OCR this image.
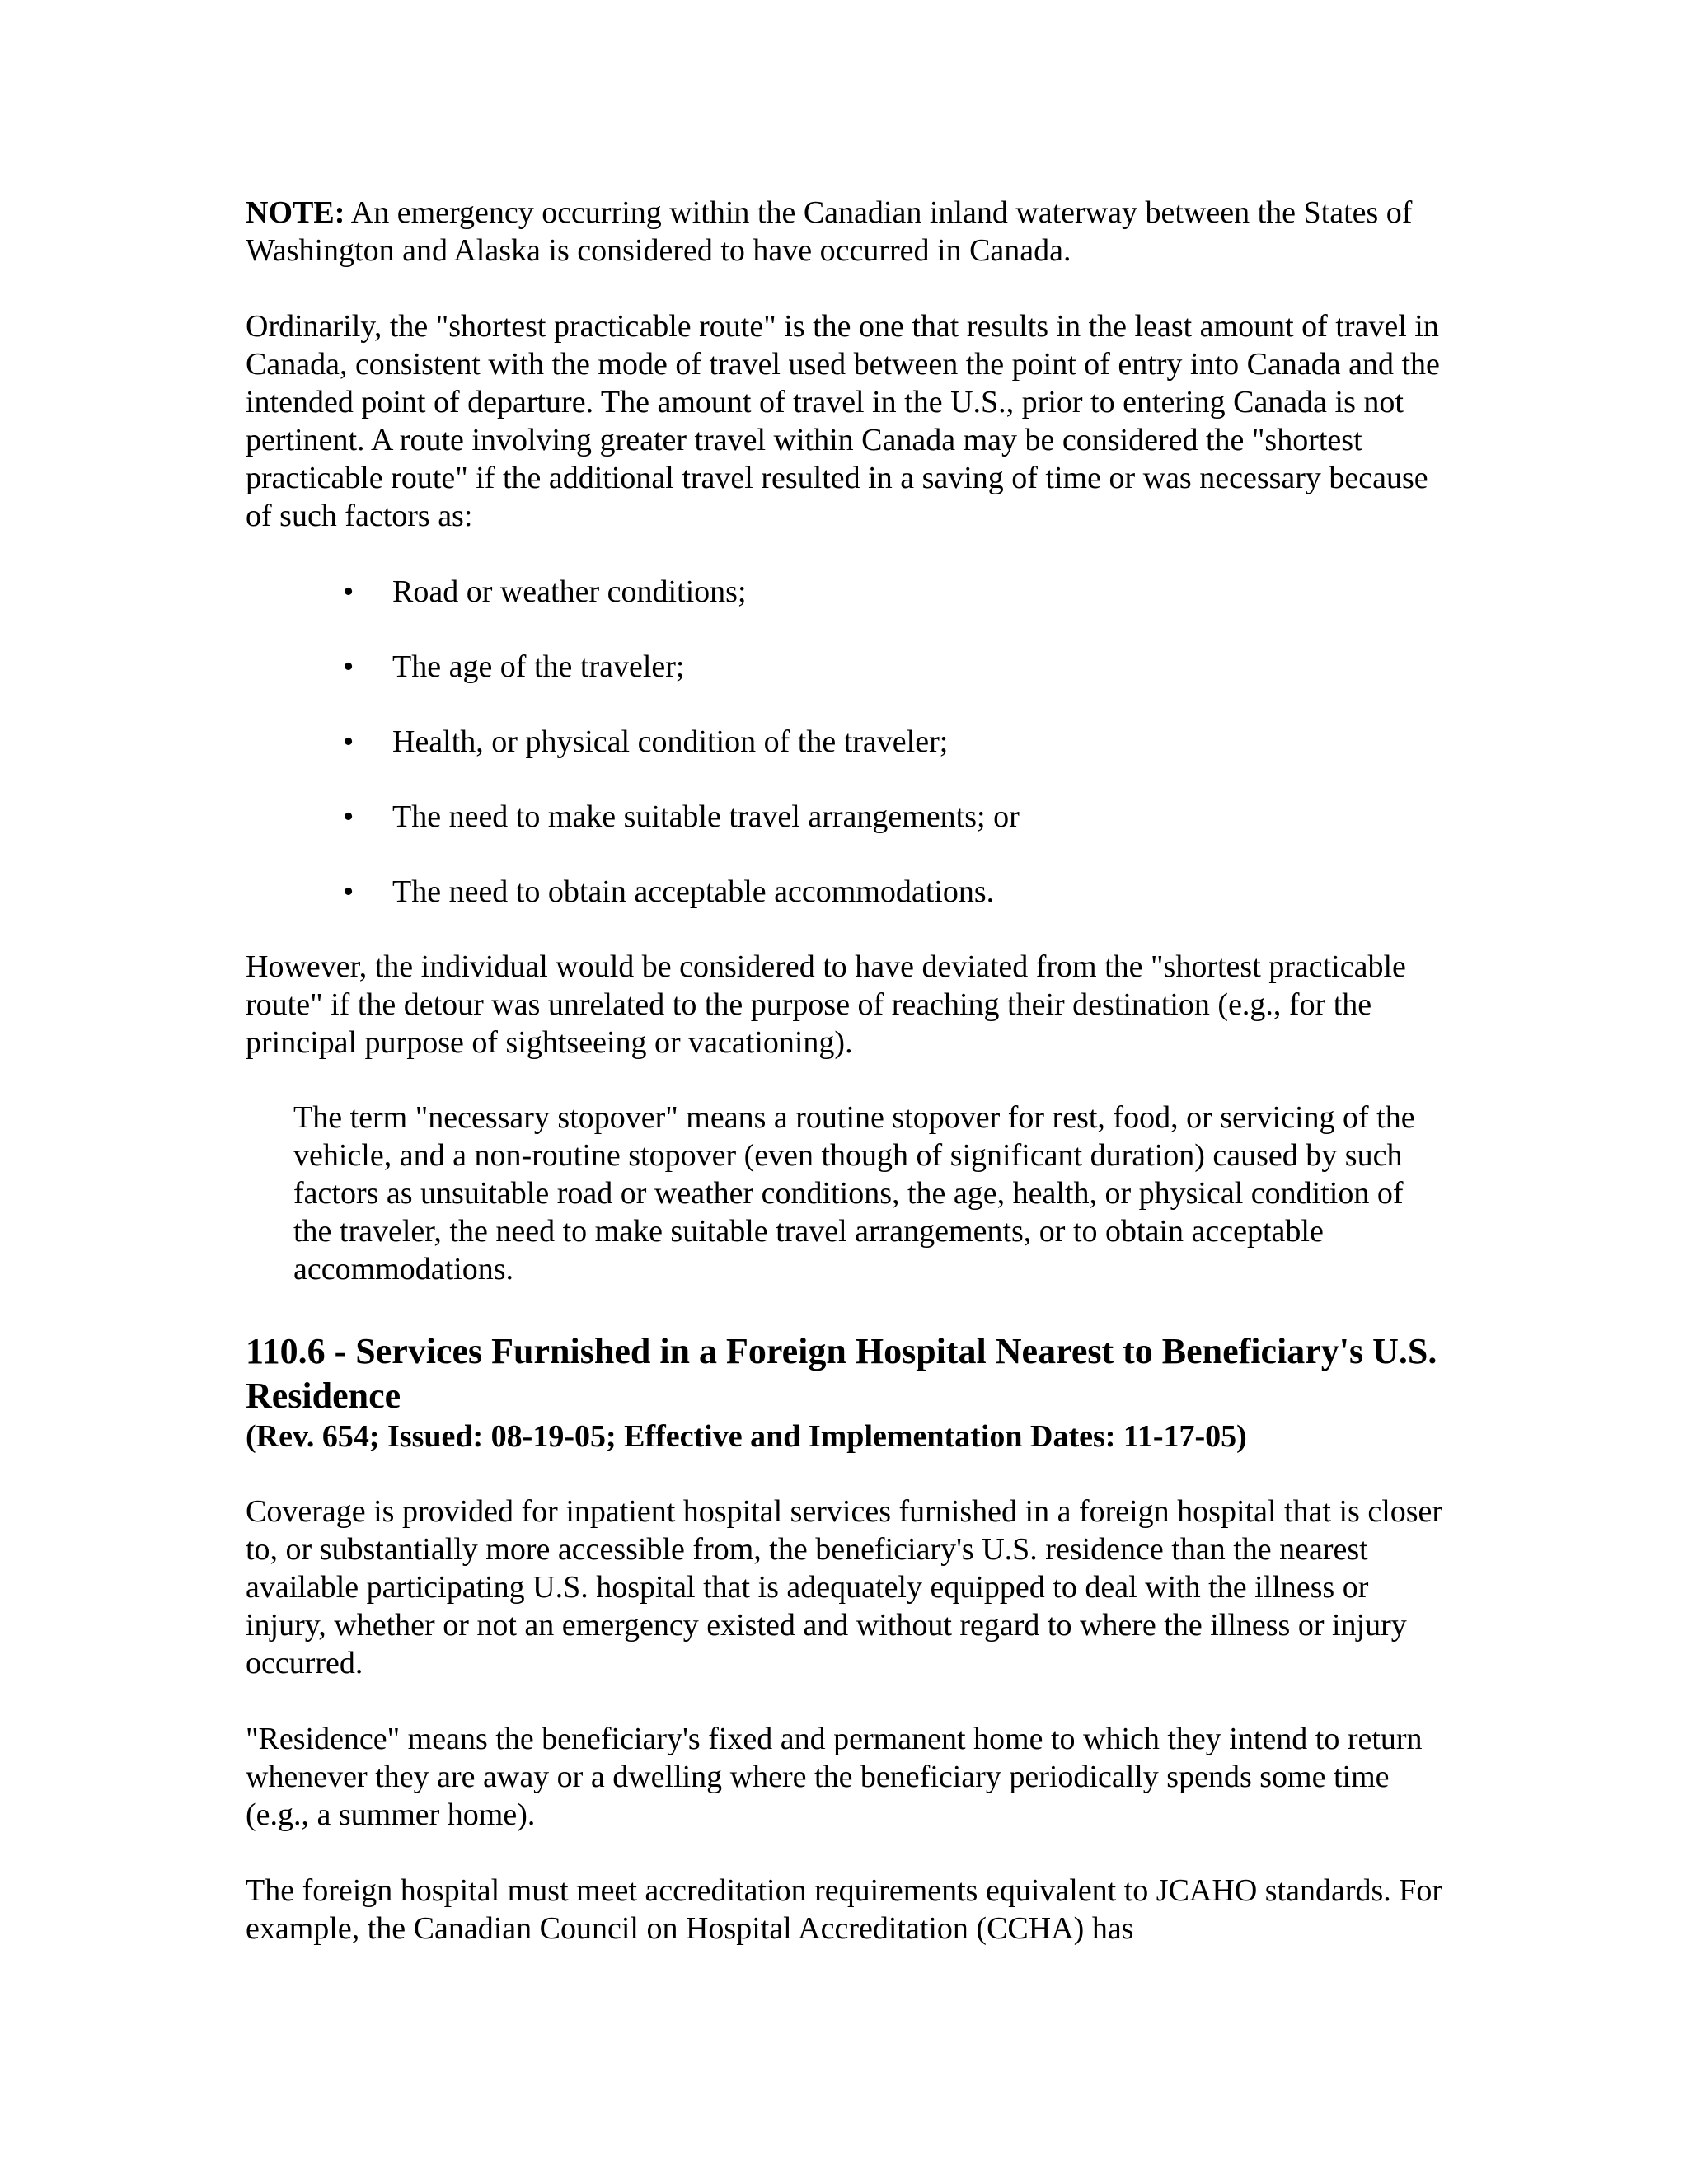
NOTE: An emergency occurring within the Canadian inland waterway between the States of Washington and Alaska is considered to have occurred in Canada.

Ordinarily, the "shortest practicable route" is the one that results in the least amount of travel in Canada, consistent with the mode of travel used between the point of entry into Canada and the intended point of departure. The amount of travel in the U.S., prior to entering Canada is not pertinent. A route involving greater travel within Canada may be considered the "shortest practicable route" if the additional travel resulted in a saving of time or was necessary because of such factors as:

• Road or weather conditions;
• The age of the traveler;
• Health, or physical condition of the traveler;
• The need to make suitable travel arrangements; or
• The need to obtain acceptable accommodations.

However, the individual would be considered to have deviated from the "shortest practicable route" if the detour was unrelated to the purpose of reaching their destination (e.g., for the principal purpose of sightseeing or vacationing).

The term "necessary stopover" means a routine stopover for rest, food, or servicing of the vehicle, and a non-routine stopover (even though of significant duration) caused by such factors as unsuitable road or weather conditions, the age, health, or physical condition of the traveler, the need to make suitable travel arrangements, or to obtain acceptable accommodations.

110.6 - Services Furnished in a Foreign Hospital Nearest to Beneficiary's U.S. Residence

(Rev. 654; Issued: 08-19-05; Effective and Implementation Dates: 11-17-05)

Coverage is provided for inpatient hospital services furnished in a foreign hospital that is closer to, or substantially more accessible from, the beneficiary's U.S. residence than the nearest available participating U.S. hospital that is adequately equipped to deal with the illness or injury, whether or not an emergency existed and without regard to where the illness or injury occurred.

"Residence" means the beneficiary's fixed and permanent home to which they intend to return whenever they are away or a dwelling where the beneficiary periodically spends some time (e.g., a summer home).

The foreign hospital must meet accreditation requirements equivalent to JCAHO standards. For example, the Canadian Council on Hospital Accreditation (CCHA) has
